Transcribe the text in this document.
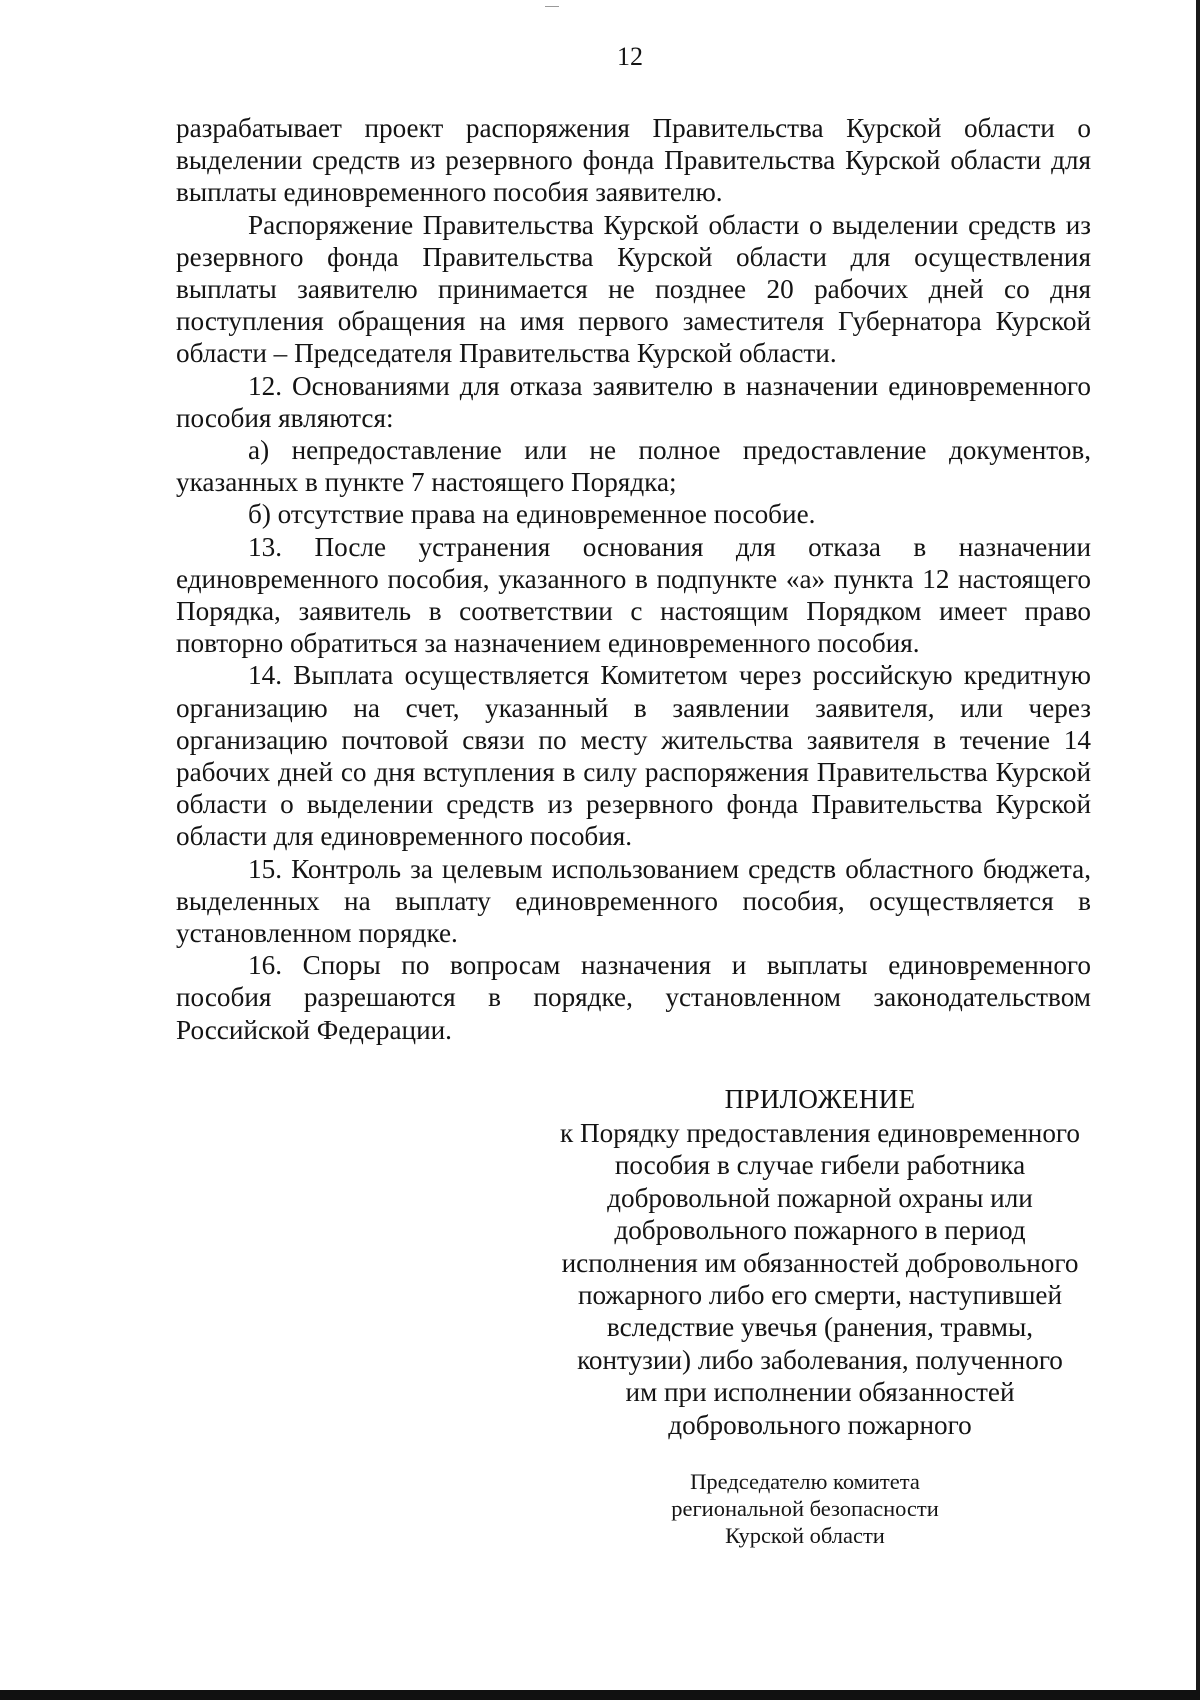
12

разрабатывает проект распоряжения Правительства Курской области о выделении средств из резервного фонда Правительства Курской области для выплаты единовременного пособия заявителю.

Распоряжение Правительства Курской области о выделении средств из резервного фонда Правительства Курской области для осуществления выплаты заявителю принимается не позднее 20 рабочих дней со дня поступления обращения на имя первого заместителя Губернатора Курской области – Председателя Правительства Курской области.

12. Основаниями для отказа заявителю в назначении единовременного пособия являются:

а) непредоставление или не полное предоставление документов, указанных в пункте 7 настоящего Порядка;

б) отсутствие права на единовременное пособие.

13. После устранения основания для отказа в назначении единовременного пособия, указанного в подпункте «а» пункта 12 настоящего Порядка, заявитель в соответствии с настоящим Порядком имеет право повторно обратиться за назначением единовременного пособия.

14. Выплата осуществляется Комитетом через российскую кредитную организацию на счет, указанный в заявлении заявителя, или через организацию почтовой связи по месту жительства заявителя в течение 14 рабочих дней со дня вступления в силу распоряжения Правительства Курской области о выделении средств из резервного фонда Правительства Курской области для единовременного пособия.

15. Контроль за целевым использованием средств областного бюджета, выделенных на выплату единовременного пособия, осуществляется в установленном порядке.

16. Споры по вопросам назначения и выплаты единовременного пособия разрешаются в порядке, установленном законодательством Российской Федерации.

ПРИЛОЖЕНИЕ
к Порядку предоставления единовременного
пособия в случае гибели работника
добровольной пожарной охраны или
добровольного пожарного в период
исполнения им обязанностей добровольного
пожарного либо его смерти, наступившей
вследствие увечья (ранения, травмы,
контузии) либо заболевания, полученного
им при исполнении обязанностей
добровольного пожарного
Председателю комитета
региональной безопасности
Курской области
